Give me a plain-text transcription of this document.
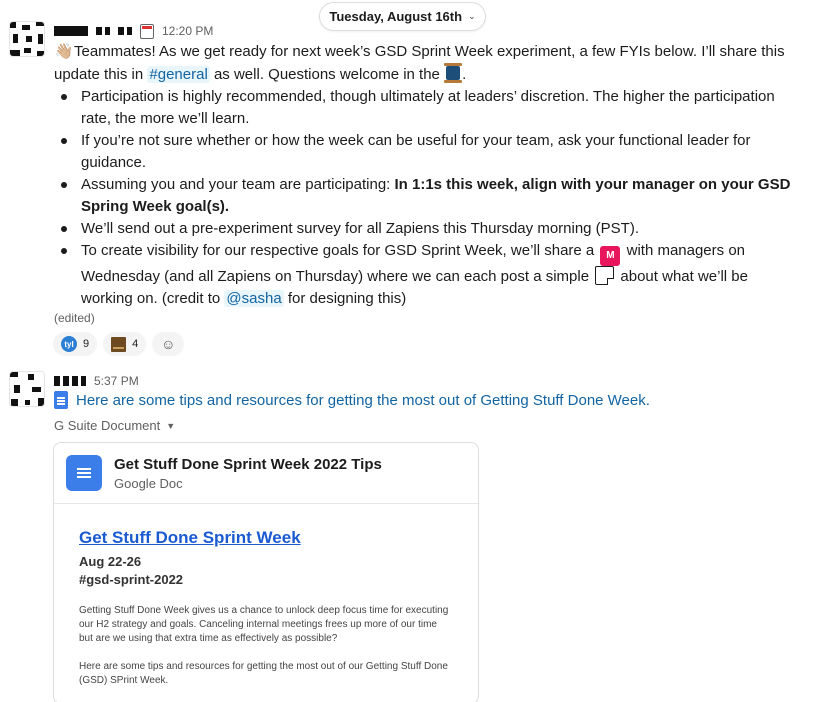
Tuesday, August 16th ⌄
12:20 PM
👋🏼Teammates! As we get ready for next week’s GSD Sprint Week experiment, a few FYIs below. I’ll share this update this in #general as well. Questions welcome in the .
Participation is highly recommended, though ultimately at leaders’ discretion. The higher the participation rate, the more we’ll learn.
If you’re not sure whether or how the week can be useful for your team, ask your functional leader for guidance.
Assuming you and your team are participating: In 1:1s this week, align with your manager on your GSD Spring Week goal(s).
We’ll send out a pre-experiment survey for all Zapiens this Thursday morning (PST).
To create visibility for our respective goals for GSD Sprint Week, we’ll share a M with managers on Wednesday (and all Zapiens on Thursday) where we can each post a simple  about what we’ll be working on. (credit to @sasha for designing this)
(edited)
tyl 9	4 ☺
5:37 PM
Here are some tips and resources for getting the most out of Getting Stuff Done Week.
G Suite Document ▼
Get Stuff Done Sprint Week 2022 Tips
Google Doc
Get Stuff Done Sprint Week
Aug 22-26
#gsd-sprint-2022
Getting Stuff Done Week gives us a chance to unlock deep focus time for executing our H2 strategy and goals. Canceling internal meetings frees up more of our time but are we using that extra time as effectively as possible?
Here are some tips and resources for getting the most out of our Getting Stuff Done (GSD) SPrint Week.
